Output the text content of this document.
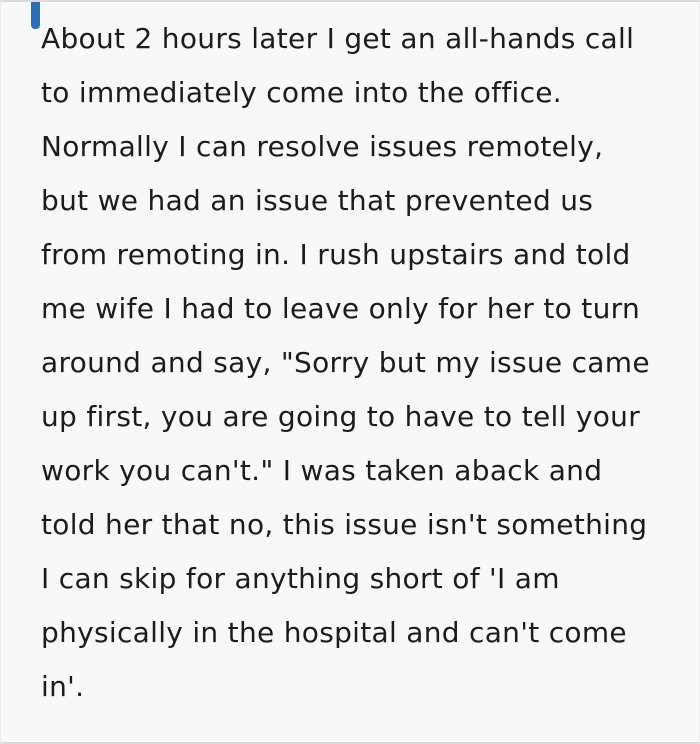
About 2 hours later I get an all-hands call
to immediately come into the office.
Normally I can resolve issues remotely,
but we had an issue that prevented us
from remoting in. I rush upstairs and told
me wife I had to leave only for her to turn
around and say, "Sorry but my issue came
up first, you are going to have to tell your
work you can't." I was taken aback and
told her that no, this issue isn't something
I can skip for anything short of 'I am
physically in the hospital and can't come
in'.
